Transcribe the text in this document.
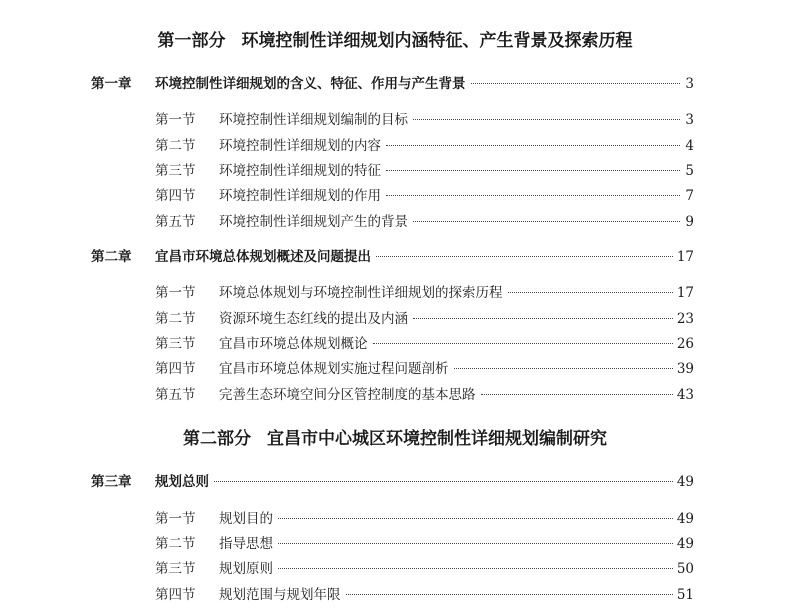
第一部分 环境控制性详细规划内涵特征、产生背景及探索历程
第一章	环境控制性详细规划的含义、特征、作用与产生背景	3
第一节	环境控制性详细规划编制的目标	3
第二节	环境控制性详细规划的内容	4
第三节	环境控制性详细规划的特征	5
第四节	环境控制性详细规划的作用	7
第五节	环境控制性详细规划产生的背景	9
第二章	宜昌市环境总体规划概述及问题提出	17
第一节	环境总体规划与环境控制性详细规划的探索历程	17
第二节	资源环境生态红线的提出及内涵	23
第三节	宜昌市环境总体规划概论	26
第四节	宜昌市环境总体规划实施过程问题剖析	39
第五节	完善生态环境空间分区管控制度的基本思路	43
第二部分 宜昌市中心城区环境控制性详细规划编制研究
第三章	规划总则	49
第一节	规划目的	49
第二节	指导思想	49
第三节	规划原则	50
第四节	规划范围与规划年限	51
